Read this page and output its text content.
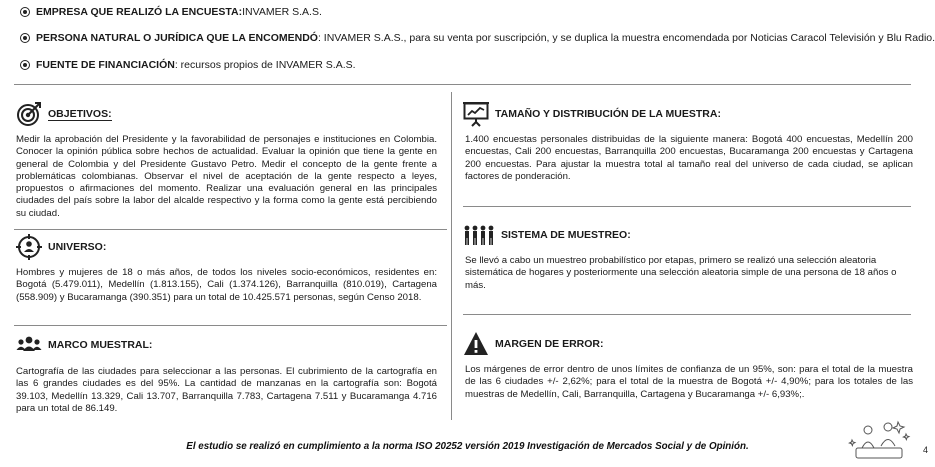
EMPRESA QUE REALIZÓ LA ENCUESTA: INVAMER S.A.S.
PERSONA NATURAL O JURÍDICA QUE LA ENCOMENDÓ : INVAMER S.A.S., para su venta por suscripción, y se duplica la muestra encomendada por Noticias Caracol Televisión y Blu Radio.
FUENTE DE FINANCIACIÓN : recursos propios de INVAMER S.A.S.
OBJETIVOS:
Medir la aprobación del Presidente y la favorabilidad de personajes e instituciones en Colombia. Conocer la opinión pública sobre hechos de actualidad. Evaluar la opinión que tiene la gente en general de Colombia y del Presidente Gustavo Petro. Medir el concepto de la gente frente a problemáticas colombianas. Observar el nivel de aceptación de la gente respecto a leyes, propuestos o afirmaciones del momento. Realizar una evaluación general en las principales ciudades del país sobre la labor del alcalde respectivo y la forma como la gente está percibiendo su ciudad.
UNIVERSO:
Hombres y mujeres de 18 o más años, de todos los niveles socio-económicos, residentes en: Bogotá (5.479.011), Medellín (1.813.155), Cali (1.374.126), Barranquilla (810.019), Cartagena (558.909) y Bucaramanga (390.351) para un total de 10.425.571 personas, según Censo 2018.
MARCO MUESTRAL:
Cartografía de las ciudades para seleccionar a las personas. El cubrimiento de la cartografía en las 6 grandes ciudades es del 95%. La cantidad de manzanas en la cartografía son: Bogotá 39.103, Medellín 13.329, Cali 13.707, Barranquilla 7.783, Cartagena 7.511 y Bucaramanga 4.716 para un total de 86.149.
TAMAÑO Y DISTRIBUCIÓN DE LA MUESTRA:
1.400 encuestas personales distribuidas de la siguiente manera: Bogotá 400 encuestas, Medellín 200 encuestas, Cali 200 encuestas, Barranquilla 200 encuestas, Bucaramanga 200 encuestas y Cartagena 200 encuestas. Para ajustar la muestra total al tamaño real del universo de cada ciudad, se aplican factores de ponderación.
SISTEMA DE MUESTREO:
Se llevó a cabo un muestreo probabilístico por etapas, primero se realizó una selección aleatoria sistemática de hogares y posteriormente una selección aleatoria simple de una persona de 18 años o más.
MARGEN DE ERROR:
Los márgenes de error dentro de unos límites de confianza de un 95%, son: para el total de la muestra de las 6 ciudades +/- 2,62%; para el total de la muestra de Bogotá +/- 4,90%; para los totales de las muestras de Medellín, Cali, Barranquilla, Cartagena y Bucaramanga +/- 6,93%;.
El estudio se realizó en cumplimiento a la norma ISO 20252 versión 2019 Investigación de Mercados Social y de Opinión.	4
